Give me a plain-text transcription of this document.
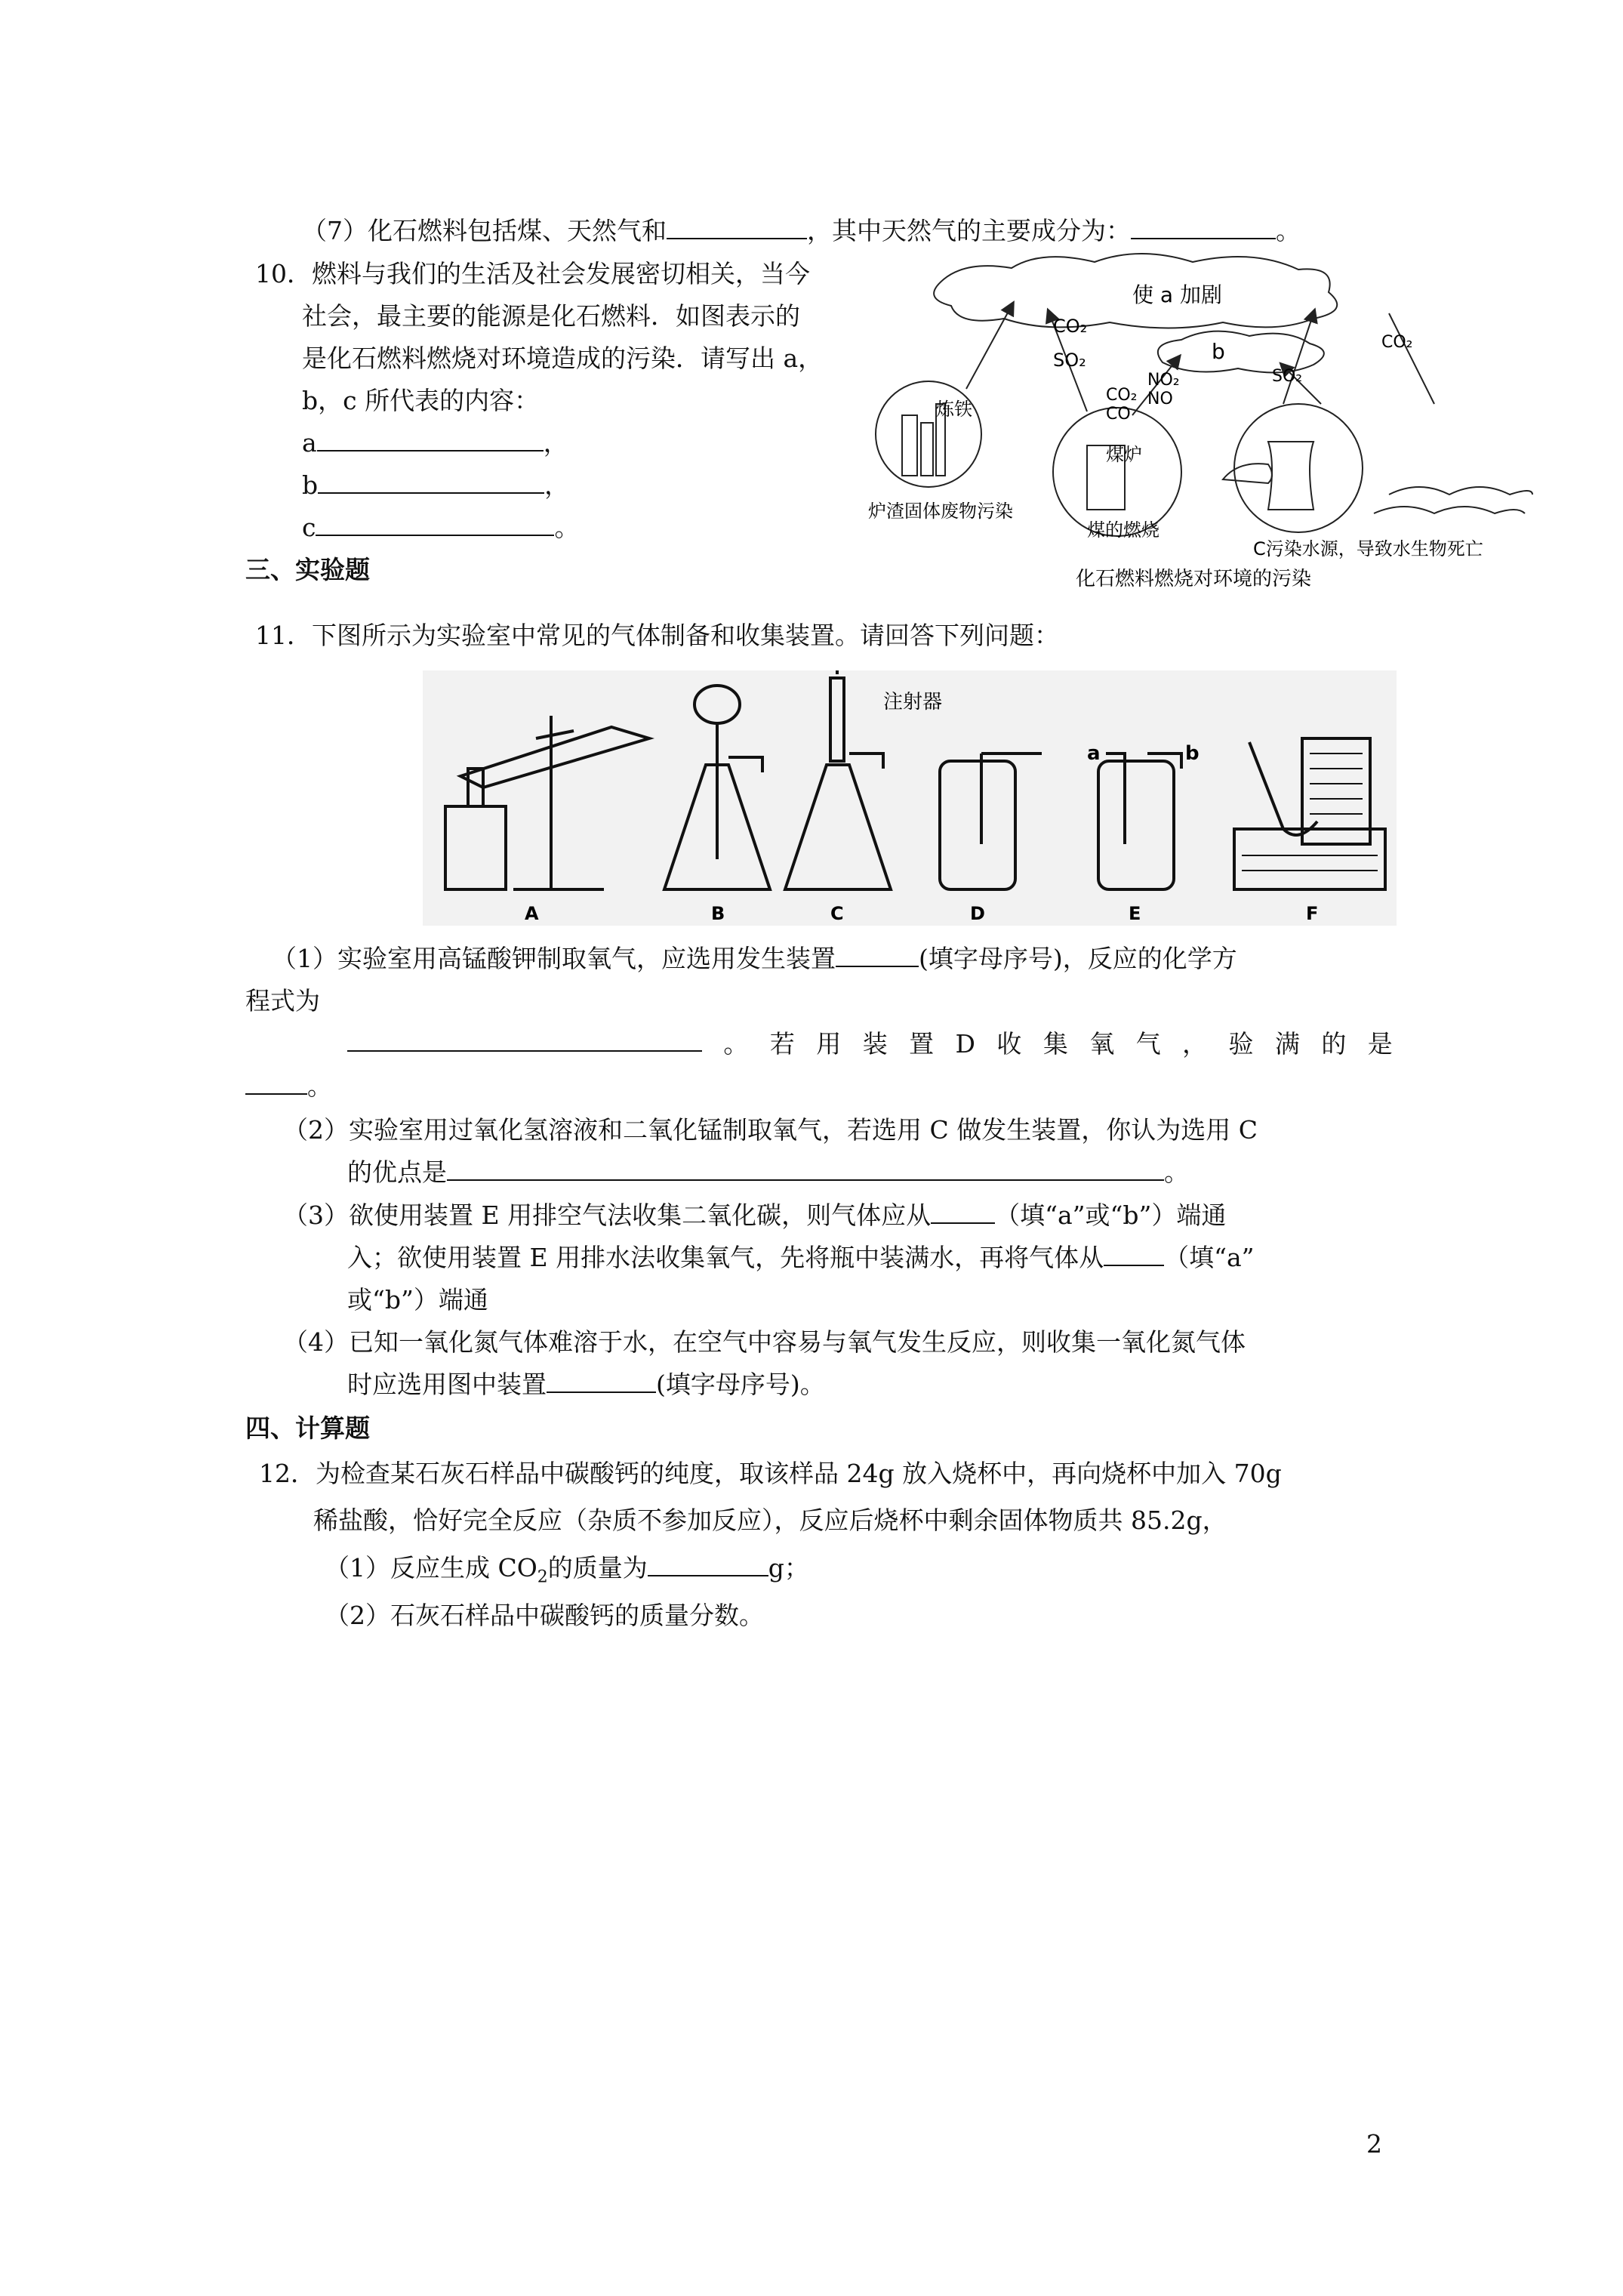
（7）化石燃料包括煤、天然气和	，其中天然气的主要成分为：	。
10．燃料与我们的生活及社会发展密切相关，当今
社会，最主要的能源是化石燃料．如图表示的
是化石燃料燃烧对环境造成的污染．请写出 a，
b，c 所代表的内容：
a	，
b	，
c	。
使 a 加剧
b
CO₂
SO₂
NO₂
NO
CO₂
CO
SO₂
CO₂
炼铁
煤炉
炉渣固体废物污染
煤的燃烧
C污染水源，导致水生物死亡
化石燃料燃烧对环境的污染
三、实验题
11．下图所示为实验室中常见的气体制备和收集装置。请回答下列问题：
注射器
a	b
A	B	C	D	E	F
（1）实验室用高锰酸钾制取氧气，应选用发生装置	(填字母序号)，反应的化学方
程式为
。 若 用 装 置 D 收 集 氧 气 ， 验 满 的 是
。
（2）实验室用过氧化氢溶液和二氧化锰制取氧气，若选用 C 做发生装置，你认为选用 C
的优点是	。
（3）欲使用装置 E 用排空气法收集二氧化碳，则气体应从	（填“a”或“b”）端通
入；欲使用装置 E 用排水法收集氧气，先将瓶中装满水，再将气体从 （填“a”
或“b”）端通
（4）已知一氧化氮气体难溶于水，在空气中容易与氧气发生反应，则收集一氧化氮气体
时应选用图中装置	(填字母序号)。
四、计算题
12．为检查某石灰石样品中碳酸钙的纯度，取该样品 24g 放入烧杯中，再向烧杯中加入 70g
稀盐酸，恰好完全反应（杂质不参加反应），反应后烧杯中剩余固体物质共 85.2g，
（1）反应生成 $CO_2$的质量为	g；
（2）石灰石样品中碳酸钙的质量分数。
2
